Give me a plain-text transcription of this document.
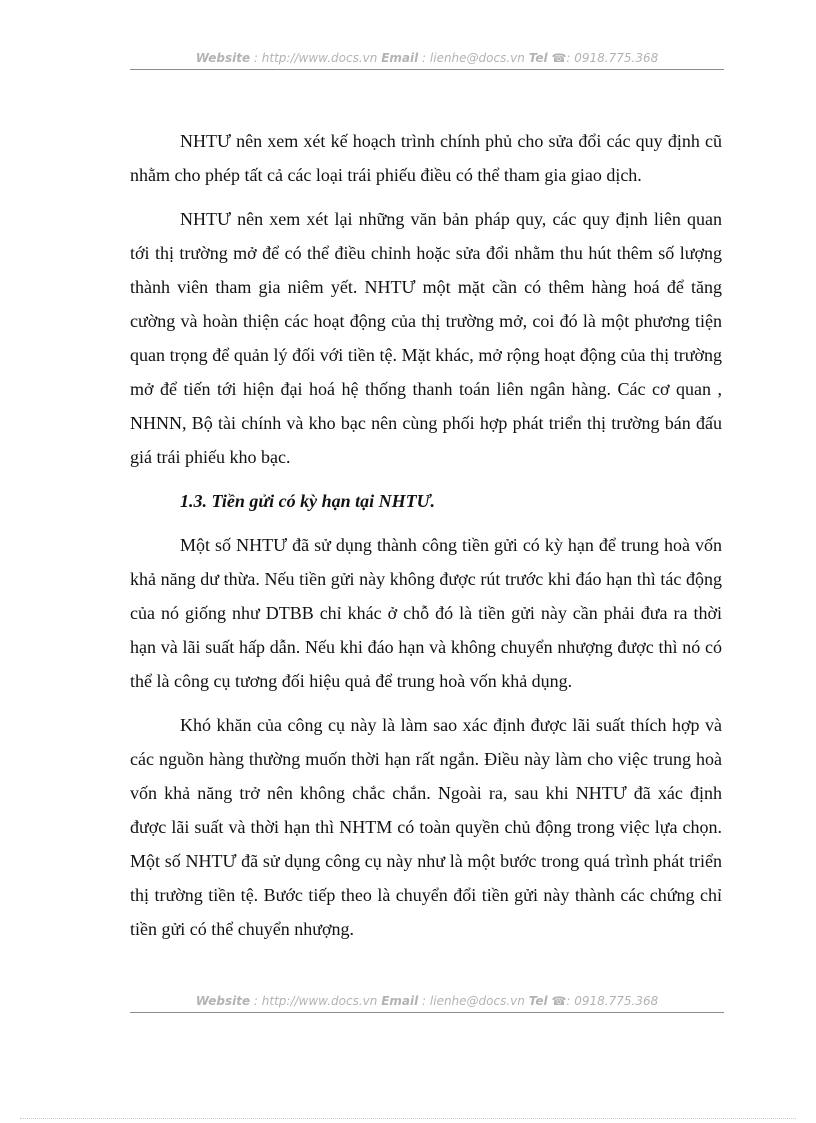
Website : http://www.docs.vn Email : lienhe@docs.vn Tel ☎: 0918.775.368

NHTƯ nên xem xét kế hoạch trình chính phủ cho sửa đổi các quy định cũ nhằm cho phép tất cả các loại trái phiếu điều có thể tham gia giao dịch.

NHTƯ nên xem xét lại những văn bản pháp quy, các quy định liên quan tới thị trường mở để có thể điều chỉnh hoặc sửa đổi nhằm thu hút thêm số lượng thành viên tham gia niêm yết. NHTƯ một mặt cần có thêm hàng hoá để tăng cường và hoàn thiện các hoạt động của thị trường mở, coi đó là một phương tiện quan trọng để quản lý đối với tiền tệ. Mặt khác, mở rộng hoạt động của thị trường mở để tiến tới hiện đại hoá hệ thống thanh toán liên ngân hàng. Các cơ quan , NHNN, Bộ tài chính và kho bạc nên cùng phối hợp phát triển thị trường bán đấu giá trái phiếu kho bạc.

1.3. Tiền gửi có kỳ hạn tại NHTƯ.

Một số NHTƯ đã sử dụng thành công tiền gửi có kỳ hạn để trung hoà vốn khả năng dư thừa. Nếu tiền gửi này không được rút trước khi đáo hạn thì tác động của nó giống như DTBB chỉ khác ở chỗ đó là tiền gửi này cần phải đưa ra thời hạn và lãi suất hấp dẫn. Nếu khi đáo hạn và không chuyển nhượng được thì nó có thể là công cụ tương đối hiệu quả để trung hoà vốn khả dụng.

Khó khăn của công cụ này là làm sao xác định được lãi suất thích hợp và các nguồn hàng thường muốn thời hạn rất ngắn. Điều này làm cho việc trung hoà vốn khả năng trở nên không chắc chắn. Ngoài ra, sau khi NHTƯ đã xác định được lãi suất và thời hạn thì NHTM có toàn quyền chủ động trong việc lựa chọn. Một số NHTƯ đã sử dụng công cụ này như là một bước trong quá trình phát triển thị trường tiền tệ. Bước tiếp theo là chuyển đổi tiền gửi này thành các chứng chỉ tiền gửi có thể chuyển nhượng.

Website : http://www.docs.vn Email : lienhe@docs.vn Tel ☎: 0918.775.368
